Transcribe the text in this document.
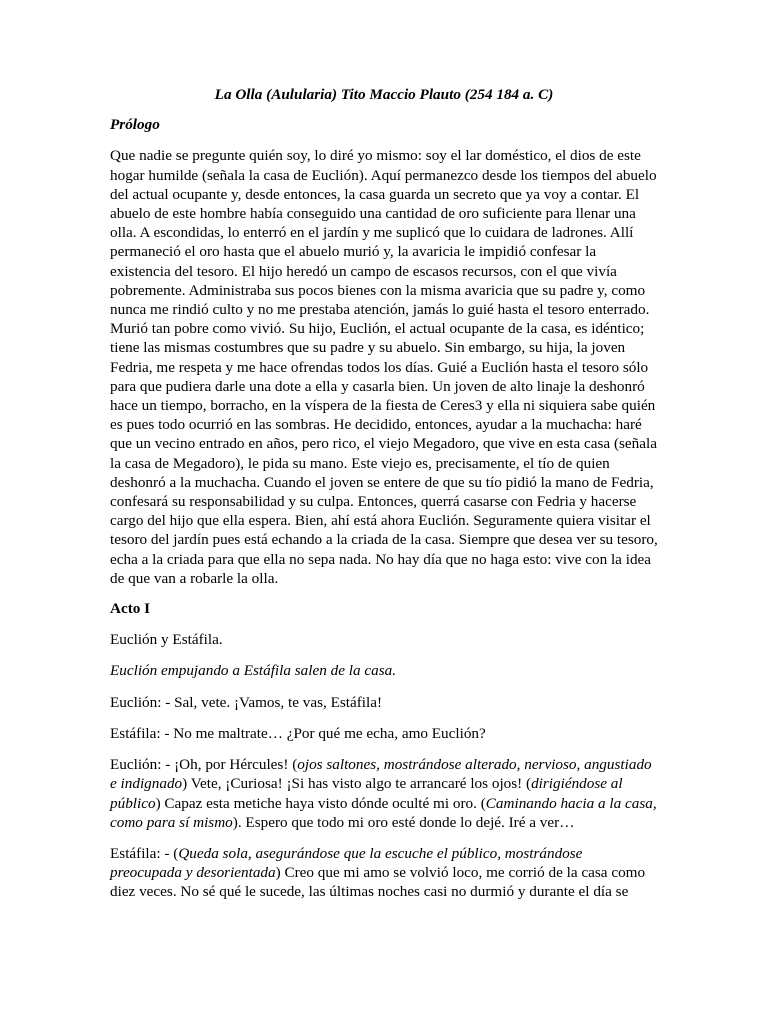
La Olla (Aulularia) Tito Maccio Plauto (254 184 a. C)
Prólogo

Que nadie se pregunte quién soy, lo diré yo mismo: soy el lar doméstico, el dios de este hogar humilde (señala la casa de Euclión). Aquí permanezco desde los tiempos del abuelo del actual ocupante y, desde entonces, la casa guarda un secreto que ya voy a contar. El abuelo de este hombre había conseguido una cantidad de oro suficiente para llenar una olla. A escondidas, lo enterró en el jardín y me suplicó que lo cuidara de ladrones. Allí permaneció el oro hasta que el abuelo murió y, la avaricia le impidió confesar la existencia del tesoro. El hijo heredó un campo de escasos recursos, con el que vivía pobremente. Administraba sus pocos bienes con la misma avaricia que su padre y, como nunca me rindió culto y no me prestaba atención, jamás lo guié hasta el tesoro enterrado. Murió tan pobre como vivió. Su hijo, Euclión, el actual ocupante de la casa, es idéntico; tiene las mismas costumbres que su padre y su abuelo. Sin embargo, su hija, la joven Fedria, me respeta y me hace ofrendas todos los días. Guié a Euclión hasta el tesoro sólo para que pudiera darle una dote a ella y casarla bien. Un joven de alto linaje la deshonró hace un tiempo, borracho, en la víspera de la fiesta de Ceres3 y ella ni siquiera sabe quién es pues todo ocurrió en las sombras. He decidido, entonces, ayudar a la muchacha: haré que un vecino entrado en años, pero rico, el viejo Megadoro, que vive en esta casa (señala la casa de Megadoro), le pida su mano. Este viejo es, precisamente, el tío de quien deshonró a la muchacha. Cuando el joven se entere de que su tío pidió la mano de Fedria, confesará su responsabilidad y su culpa. Entonces, querrá casarse con Fedria y hacerse cargo del hijo que ella espera. Bien, ahí está ahora Euclión. Seguramente quiera visitar el tesoro del jardín pues está echando a la criada de la casa. Siempre que desea ver su tesoro, echa a la criada para que ella no sepa nada. No hay día que no haga esto: vive con la idea de que van a robarle la olla.

Acto I

Euclión y Estáfila.

Euclión empujando a Estáfila salen de la casa.

Euclión: - Sal, vete. ¡Vamos, te vas, Estáfila!

Estáfila: - No me maltrate… ¿Por qué me echa, amo Euclión?

Euclión: - ¡Oh, por Hércules! (ojos saltones, mostrándose alterado, nervioso, angustiado e indignado) Vete, ¡Curiosa! ¡Si has visto algo te arrancaré los ojos! (dirigiéndose al público) Capaz esta metiche haya visto dónde oculté mi oro. (Caminando hacia a la casa, como para sí mismo). Espero que todo mi oro esté donde lo dejé. Iré a ver…

Estáfila: - (Queda sola, asegurándose que la escuche el público, mostrándose preocupada y desorientada) Creo que mi amo se volvió loco, me corrió de la casa como diez veces. No sé qué le sucede, las últimas noches casi no durmió y durante el día se
